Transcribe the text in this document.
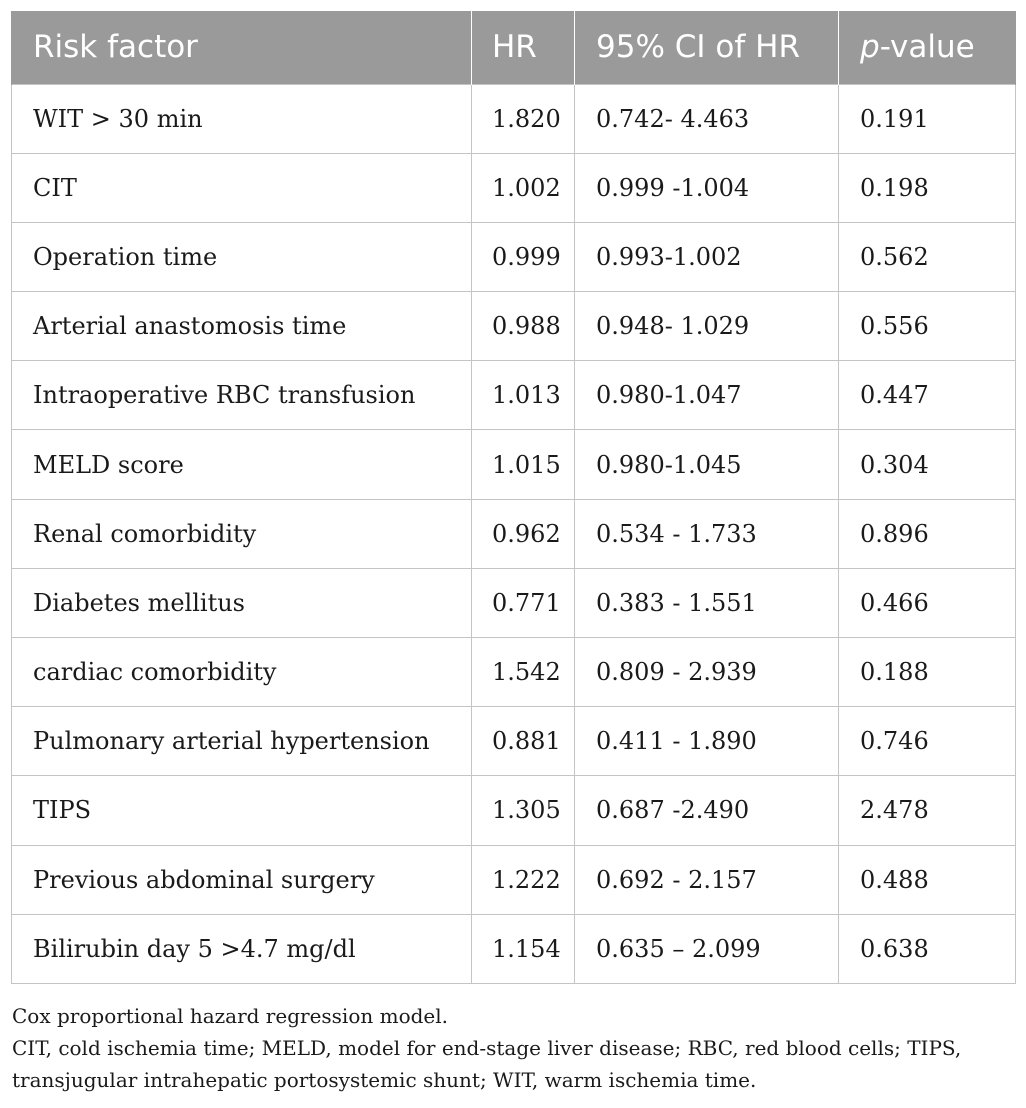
Risk factor	HR	95% CI of HR	p-value
WIT > 30 min	1.820	0.742- 4.463	0.191
CIT	1.002	0.999 -1.004	0.198
Operation time	0.999	0.993-1.002	0.562
Arterial anastomosis time	0.988	0.948- 1.029	0.556
Intraoperative RBC transfusion	1.013	0.980-1.047	0.447
MELD score	1.015	0.980-1.045	0.304
Renal comorbidity	0.962	0.534 - 1.733	0.896
Diabetes mellitus	0.771	0.383 - 1.551	0.466
cardiac comorbidity	1.542	0.809 - 2.939	0.188
Pulmonary arterial hypertension	0.881	0.411 - 1.890	0.746
TIPS	1.305	0.687 -2.490	2.478
Previous abdominal surgery	1.222	0.692 - 2.157	0.488
Bilirubin day 5 >4.7 mg/dl	1.154	0.635 – 2.099	0.638

Cox proportional hazard regression model.

CIT, cold ischemia time; MELD, model for end-stage liver disease; RBC, red blood cells; TIPS, transjugular intrahepatic portosystemic shunt; WIT, warm ischemia time.
